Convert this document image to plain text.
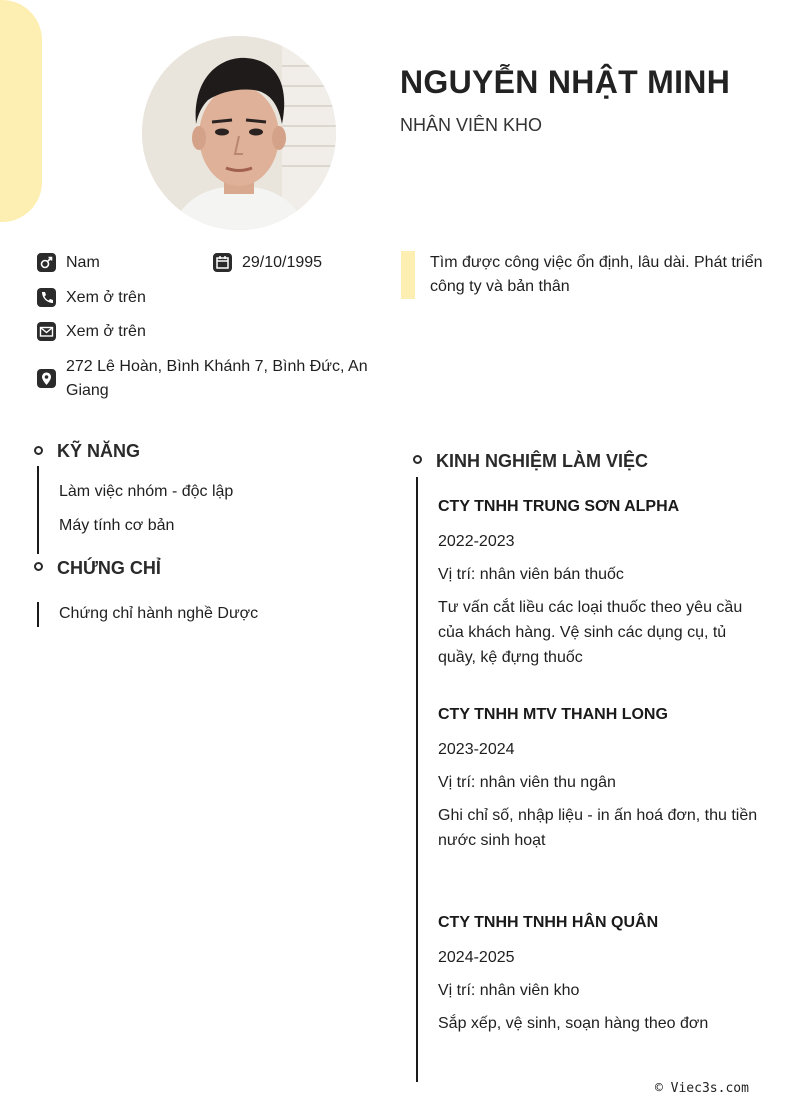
NGUYỄN NHẬT MINH
NHÂN VIÊN KHO
Nam	29/10/1995
Xem ở trên
Xem ở trên
272 Lê Hoàn, Bình Khánh 7, Bình Đức, An Giang
Tìm được công việc ổn định, lâu dài. Phát triển công ty và bản thân
KỸ NĂNG
Làm việc nhóm - độc lập
Máy tính cơ bản
CHỨNG CHỈ
Chứng chỉ hành nghề Dược
KINH NGHIỆM LÀM VIỆC
CTY TNHH TRUNG SƠN ALPHA
2022-2023
Vị trí: nhân viên bán thuốc
Tư vấn cắt liều các loại thuốc theo yêu cầu của khách hàng. Vệ sinh các dụng cụ, tủ quầy, kệ đựng thuốc
CTY TNHH MTV THANH LONG
2023-2024
Vị trí: nhân viên thu ngân
Ghi chỉ số, nhập liệu - in ấn hoá đơn, thu tiền nước sinh hoạt
CTY TNHH TNHH HÂN QUÂN
2024-2025
Vị trí: nhân viên kho
Sắp xếp, vệ sinh, soạn hàng theo đơn
© Viec3s.com
